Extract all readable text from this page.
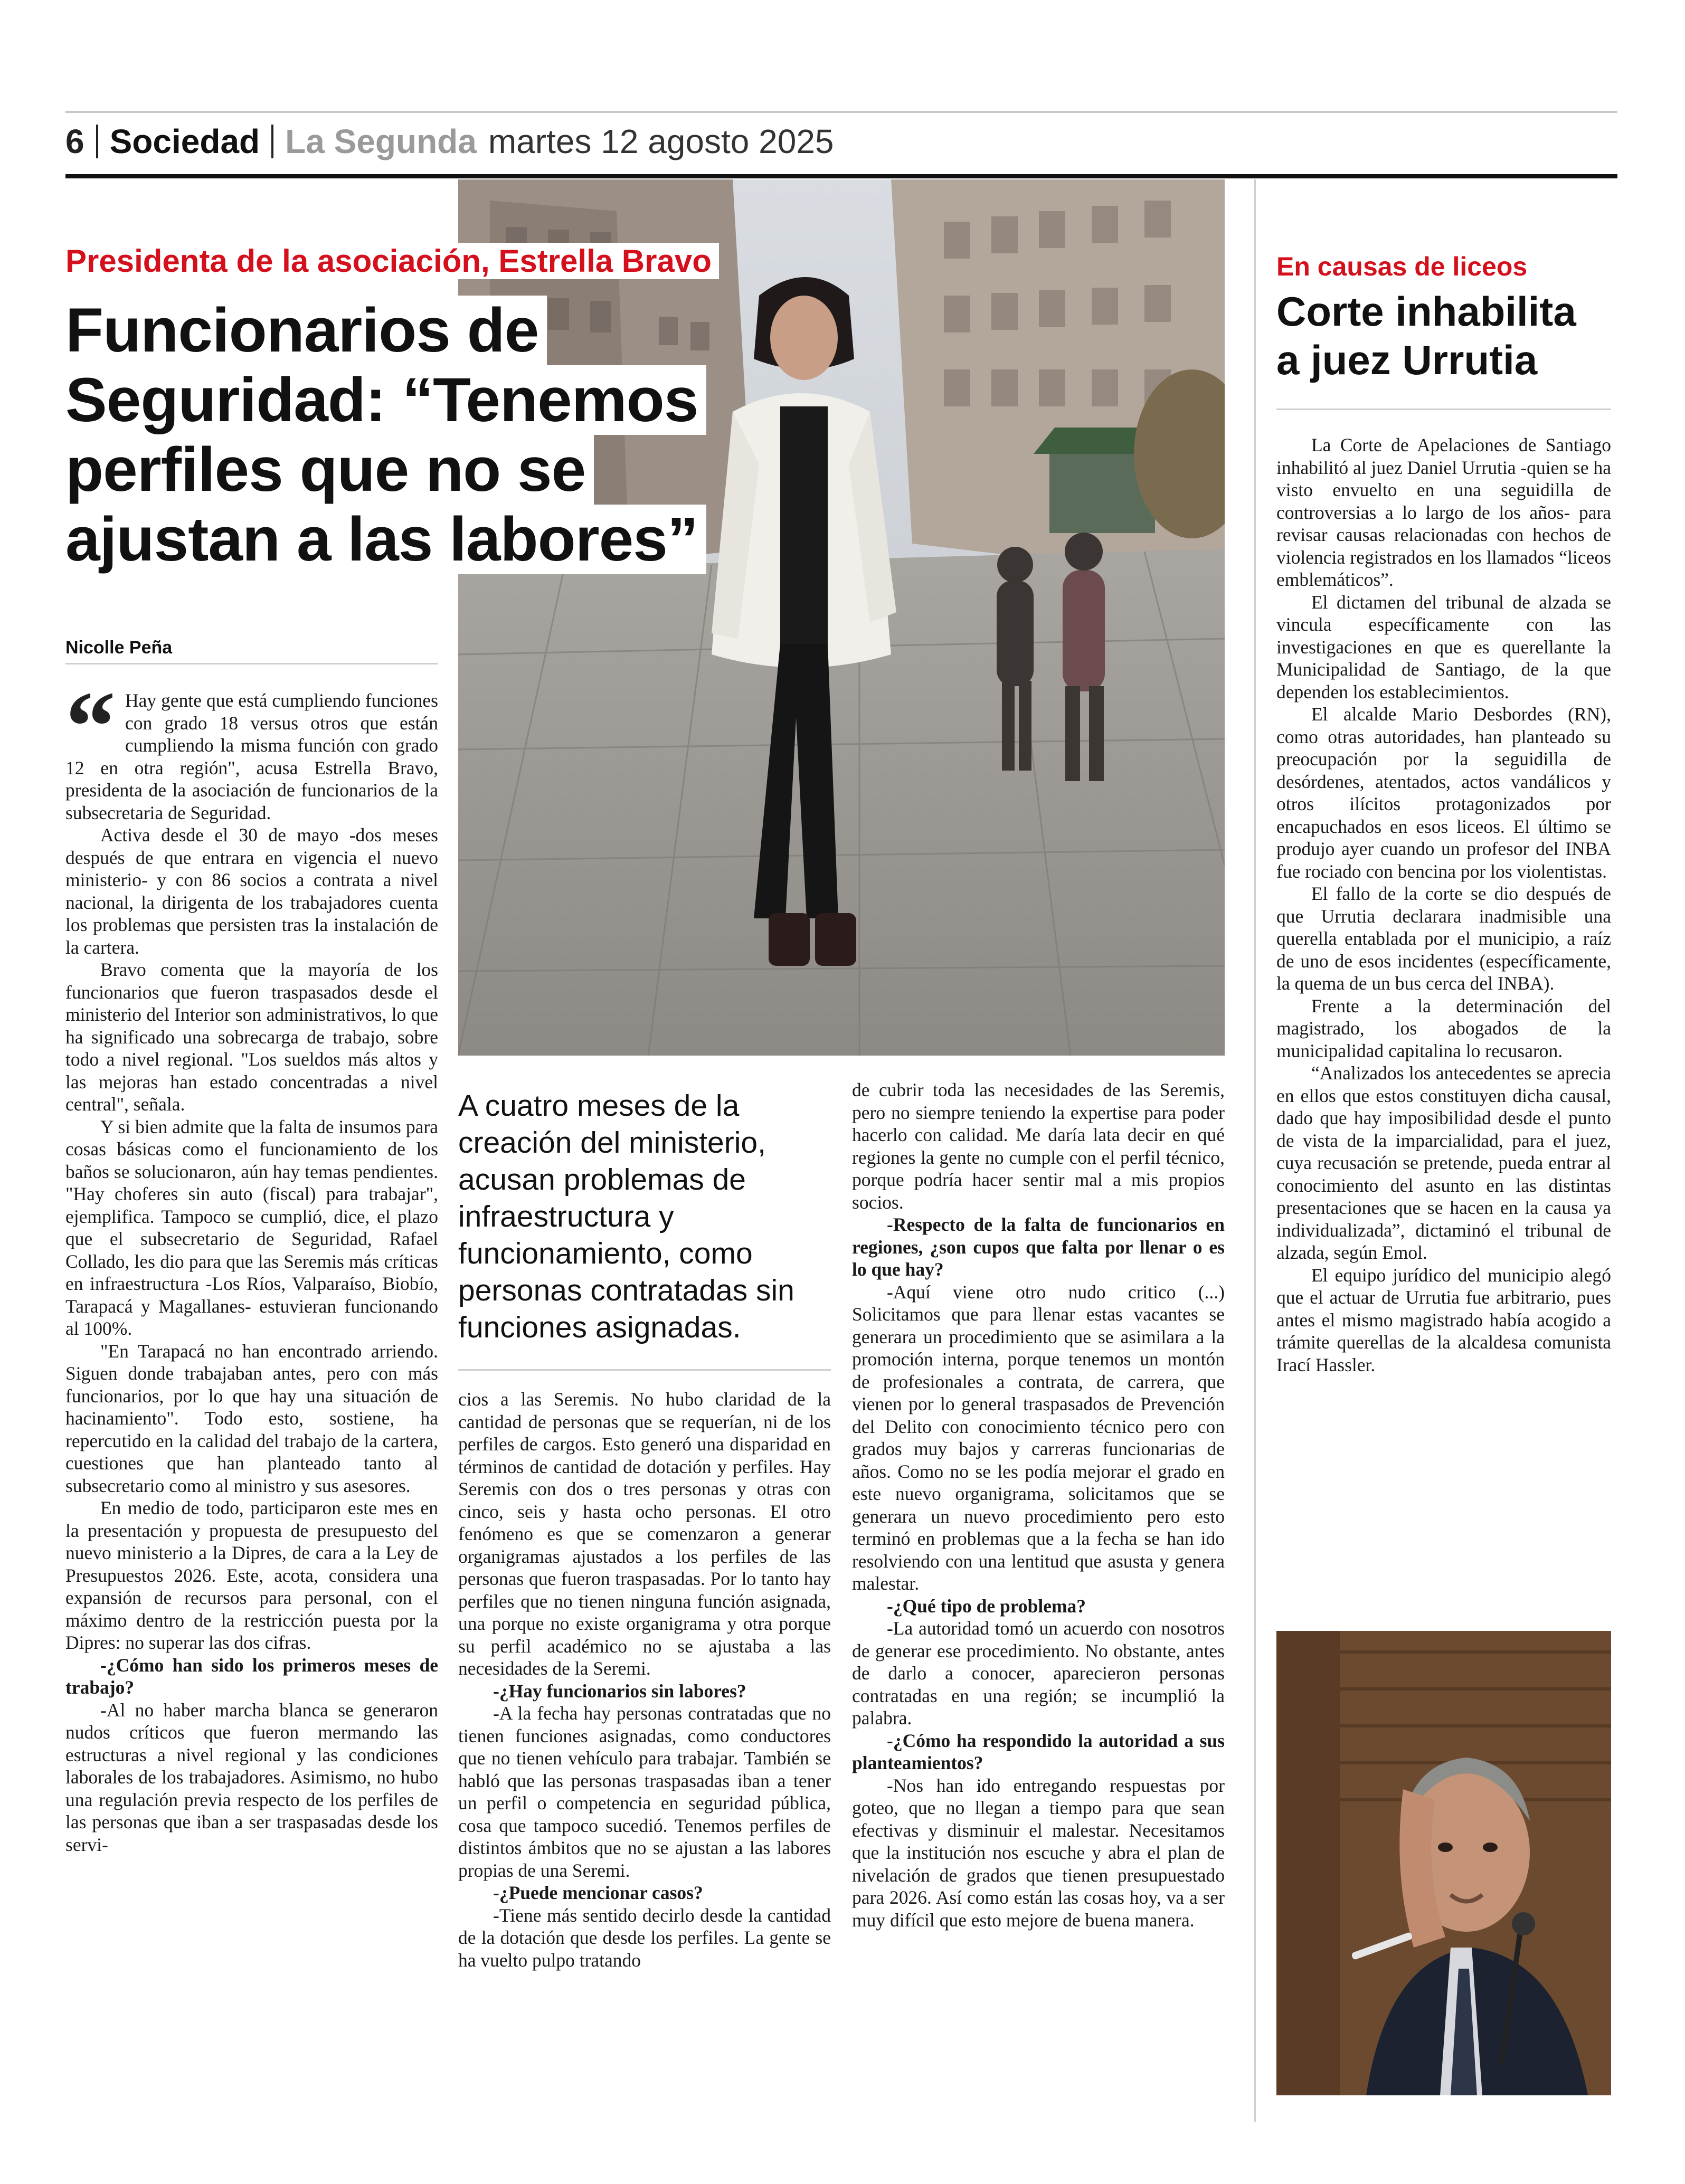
6 Sociedad La Segunda martes 12 agosto 2025
Presidenta de la asociación, Estrella Bravo
Funcionarios de
Seguridad: “Tenemos
perfiles que no se
ajustan a las labores”
Nicolle Peña

“ Hay gente que está cumpliendo funciones con grado 18 versus otros que están cumpliendo la misma función con grado 12 en otra región", acusa Estrella Bravo, presidenta de la asociación de funcionarios de la subsecretaria de Seguridad.

Activa desde el 30 de mayo -dos meses después de que entrara en vigencia el nuevo ministerio- y con 86 socios a contrata a nivel nacional, la dirigenta de los trabajadores cuenta los problemas que persisten tras la instalación de la cartera.

Bravo comenta que la mayoría de los funcionarios que fueron traspasados desde el ministerio del Interior son administrativos, lo que ha significado una sobrecarga de trabajo, sobre todo a nivel regional. "Los sueldos más altos y las mejoras han estado concentradas a nivel central", señala.

Y si bien admite que la falta de insumos para cosas básicas como el funcionamiento de los baños se solucionaron, aún hay temas pendientes. "Hay choferes sin auto (fiscal) para trabajar", ejemplifica. Tampoco se cumplió, dice, el plazo que el subsecretario de Seguridad, Rafael Collado, les dio para que las Seremis más críticas en infraestructura -Los Ríos, Valparaíso, Biobío, Tarapacá y Magallanes- estuvieran funcionando al 100%.

"En Tarapacá no han encontrado arriendo. Siguen donde trabajaban antes, pero con más funcionarios, por lo que hay una situación de hacinamiento". Todo esto, sostiene, ha repercutido en la calidad del trabajo de la cartera, cuestiones que han planteado tanto al subsecretario como al ministro y sus asesores.

En medio de todo, participaron este mes en la presentación y propuesta de presupuesto del nuevo ministerio a la Dipres, de cara a la Ley de Presupuestos 2026. Este, acota, considera una expansión de recursos para personal, con el máximo dentro de la restricción puesta por la Dipres: no superar las dos cifras.

-¿Cómo han sido los primeros meses de trabajo?

-Al no haber marcha blanca se generaron nudos críticos que fueron mermando las estructuras a nivel regional y las condiciones laborales de los trabajadores. Asimismo, no hubo una regulación previa respecto de los perfiles de las personas que iban a ser traspasadas desde los servi-

A cuatro meses de la creación del ministerio, acusan problemas de infraestructura y funcionamiento, como personas contratadas sin funciones asignadas.

cios a las Seremis. No hubo claridad de la cantidad de personas que se requerían, ni de los perfiles de cargos. Esto generó una disparidad en términos de cantidad de dotación y perfiles. Hay Seremis con dos o tres personas y otras con cinco, seis y hasta ocho personas. El otro fenómeno es que se comenzaron a generar organigramas ajustados a los perfiles de las personas que fueron traspasadas. Por lo tanto hay perfiles que no tienen ninguna función asignada, una porque no existe organigrama y otra porque su perfil académico no se ajustaba a las necesidades de la Seremi.

-¿Hay funcionarios sin labores?

-A la fecha hay personas contratadas que no tienen funciones asignadas, como conductores que no tienen vehículo para trabajar. También se habló que las personas traspasadas iban a tener un perfil o competencia en seguridad pública, cosa que tampoco sucedió. Tenemos perfiles de distintos ámbitos que no se ajustan a las labores propias de una Seremi.

-¿Puede mencionar casos?

-Tiene más sentido decirlo desde la cantidad de la dotación que desde los perfiles. La gente se ha vuelto pulpo tratando

de cubrir toda las necesidades de las Seremis, pero no siempre teniendo la expertise para poder hacerlo con calidad. Me daría lata decir en qué regiones la gente no cumple con el perfil técnico, porque podría hacer sentir mal a mis propios socios.

-Respecto de la falta de funcionarios en regiones, ¿son cupos que falta por llenar o es lo que hay?

-Aquí viene otro nudo critico (...) Solicitamos que para llenar estas vacantes se generara un procedimiento que se asimilara a la promoción interna, porque tenemos un montón de profesionales a contrata, de carrera, que vienen por lo general traspasados de Prevención del Delito con conocimiento técnico pero con grados muy bajos y carreras funcionarias de años. Como no se les podía mejorar el grado en este nuevo organigrama, solicitamos que se generara un nuevo procedimiento pero esto terminó en problemas que a la fecha se han ido resolviendo con una lentitud que asusta y genera malestar.

-¿Qué tipo de problema?

-La autoridad tomó un acuerdo con nosotros de generar ese procedimiento. No obstante, antes de darlo a conocer, aparecieron personas contratadas en una región; se incumplió la palabra.

-¿Cómo ha respondido la autoridad a sus planteamientos?

-Nos han ido entregando respuestas por goteo, que no llegan a tiempo para que sean efectivas y disminuir el malestar. Necesitamos que la institución nos escuche y abra el plan de nivelación de grados que tienen presupuestado para 2026. Así como están las cosas hoy, va a ser muy difícil que esto mejore de buena manera.

En causas de liceos
Corte inhabilita
a juez Urrutia

La Corte de Apelaciones de Santiago inhabilitó al juez Daniel Urrutia -quien se ha visto envuelto en una seguidilla de controversias a lo largo de los años- para revisar causas relacionadas con hechos de violencia registrados en los llamados “liceos emblemáticos”.

El dictamen del tribunal de alzada se vincula específicamente con las investigaciones en que es querellante la Municipalidad de Santiago, de la que dependen los establecimientos.

El alcalde Mario Desbordes (RN), como otras autoridades, han planteado su preocupación por la seguidilla de desórdenes, atentados, actos vandálicos y otros ilícitos protagonizados por encapuchados en esos liceos. El último se produjo ayer cuando un profesor del INBA fue rociado con bencina por los violentistas.

El fallo de la corte se dio después de que Urrutia declarara inadmisible una querella entablada por el municipio, a raíz de uno de esos incidentes (específicamente, la quema de un bus cerca del INBA).

Frente a la determinación del magistrado, los abogados de la municipalidad capitalina lo recusaron.

“Analizados los antecedentes se aprecia en ellos que estos constituyen dicha causal, dado que hay imposibilidad desde el punto de vista de la imparcialidad, para el juez, cuya recusación se pretende, pueda entrar al conocimiento del asunto en las distintas presentaciones que se hacen en la causa ya individualizada”, dictaminó el tribunal de alzada, según Emol.

El equipo jurídico del municipio alegó que el actuar de Urrutia fue arbitrario, pues antes el mismo magistrado había acogido a trámite querellas de la alcaldesa comunista Irací Hassler.
